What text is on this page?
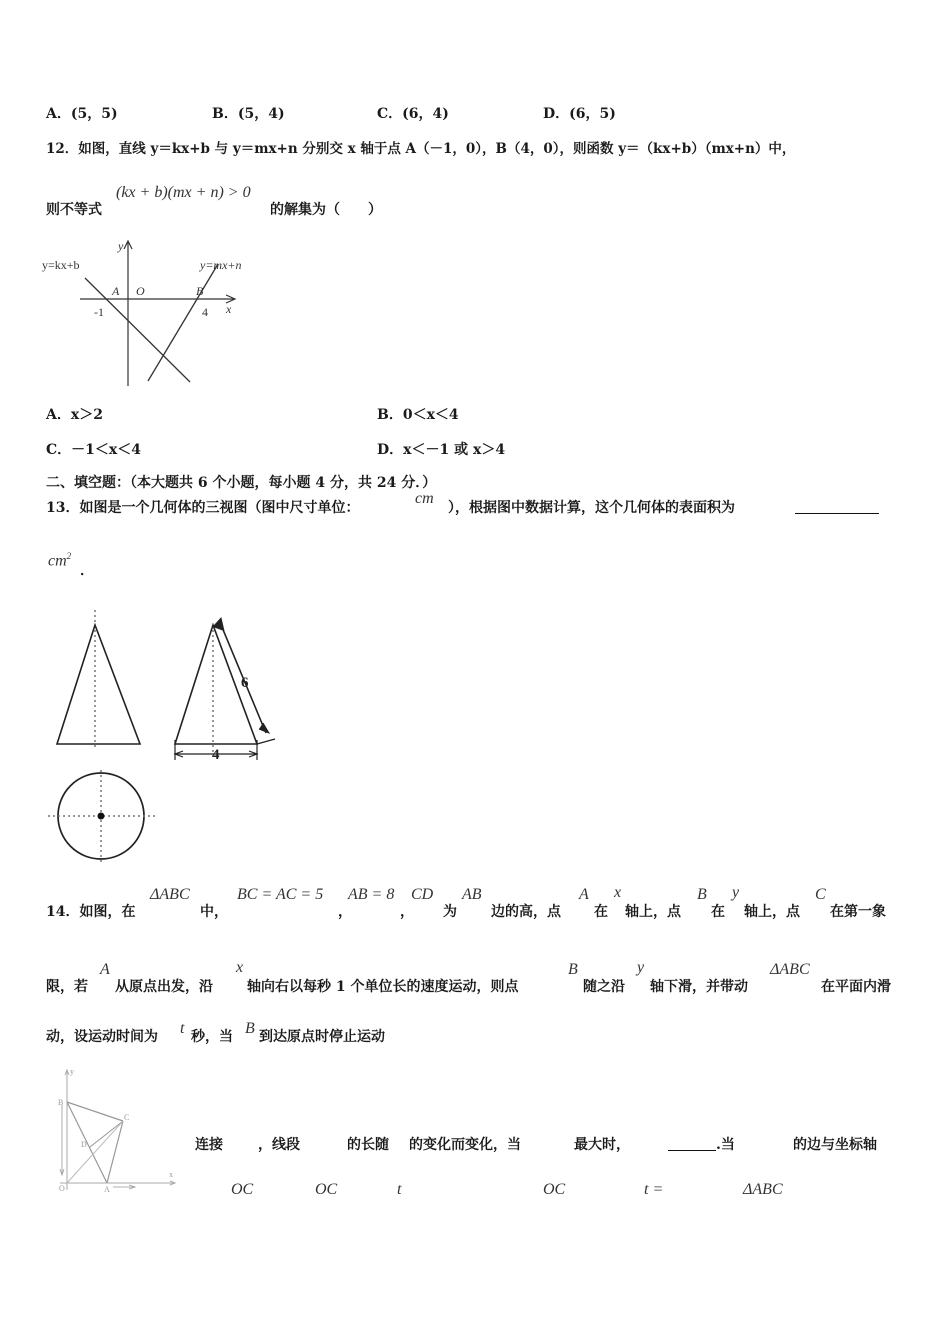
A．(5，5)	B．(5，4)	C．(6，4)	D．(6，5)
12．如图，直线 y＝kx+b 与 y＝mx+n 分别交 x 轴于点 A（－1，0），B（4，0），则函数 y＝（kx+b）（mx+n）中，
则不等式
(kx + b)(mx + n) > 0
的解集为（　　）
y=kx+b	y=mx+n
y
x
A O	B
-1	4
A．x＞2	B．0＜x＜4
C．－1＜x＜4	D．x＜－1 或 x＞4
二、填空题：（本大题共 6 个小题，每小题 4 分，共 24 分．）
13．如图是一个几何体的三视图（图中尺寸单位：
cm
），根据图中数据计算，这个几何体的表面积为
$cm^2$
．
6
4
14．如图，在
ΔABC
中，
BC = AC = 5
，
AB = 8
，
CD
为
AB
边的高，点
A
在
x
轴上，点
B
在
y
轴上，点
C
在第一象
限，若
A
从原点出发，沿
x
轴向右以每秒 1 个单位长的速度运动，则点
B
随之沿
y
轴下滑，并带动
ΔABC
在平面内滑
动，设运动时间为 t 秒，当 B 到达原点时停止运动
y
x
B
C
D
O	A
连接	，线段	的长随 的变化而变化，当	最大时，	.当	的边与坐标轴
OC	OC	t	OC	t =	ΔABC
